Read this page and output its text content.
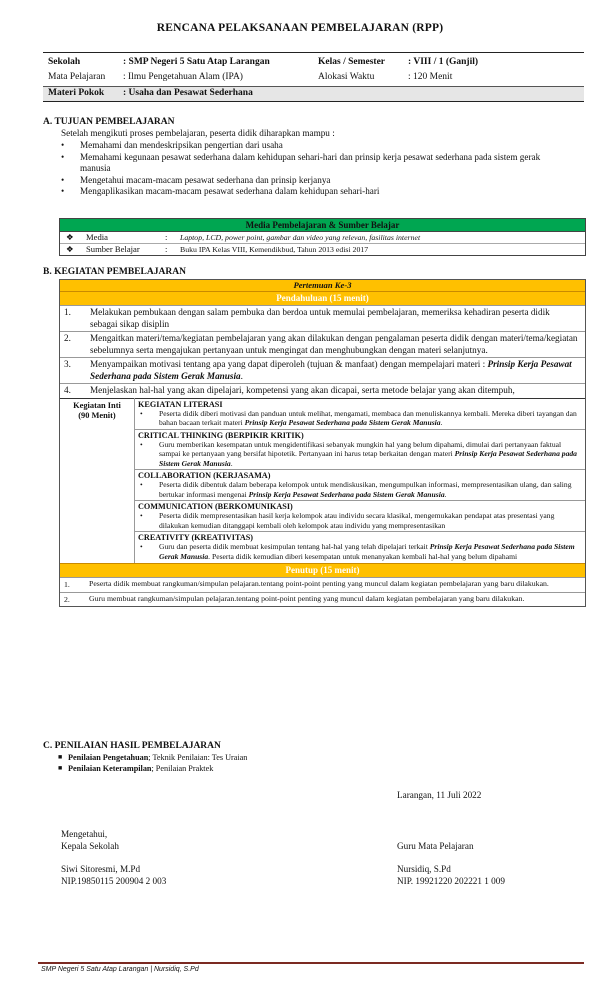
RENCANA PELAKSANAAN PEMBELAJARAN (RPP)
Sekolah	: SMP Negeri 5 Satu Atap Larangan	Kelas / Semester : VIII / 1 (Ganjil)
Mata Pelajaran : Ilmu Pengetahuan Alam (IPA)	Alokasi Waktu	: 120 Menit
Materi Pokok : Usaha dan Pesawat Sederhana
A. TUJUAN PEMBELAJARAN
Setelah mengikuti proses pembelajaran, peserta didik diharapkan mampu :
• Memahami dan mendeskripsikan pengertian dari usaha
• Memahami kegunaan pesawat sederhana dalam kehidupan sehari-hari dan prinsip kerja pesawat sederhana pada sistem gerak manusia
• Mengetahui macam-macam pesawat sederhana dan prinsip kerjanya
• Mengaplikasikan macam-macam pesawat sederhana dalam kehidupan sehari-hari
Media Pembelajaran & Sumber Belajar
❖ Media	: Laptop, LCD, power point, gambar dan video yang relevan, fasilitas internet
❖ Sumber Belajar	: Buku IPA Kelas VIII, Kemendikbud, Tahun 2013 edisi 2017
B. KEGIATAN PEMBELAJARAN
Pertemuan Ke-3
Pendahuluan (15 menit)
1.	Melakukan pembukaan dengan salam pembuka dan berdoa untuk memulai pembelajaran, memeriksa kehadiran peserta didik sebagai sikap disiplin
2.	Mengaitkan materi/tema/kegiatan pembelajaran yang akan dilakukan dengan pengalaman peserta didik dengan materi/tema/kegiatan sebelumnya serta mengajukan pertanyaan untuk mengingat dan menghubungkan dengan materi selanjutnya.
3.	Menyampaikan motivasi tentang apa yang dapat diperoleh (tujuan & manfaat) dengan mempelajari materi : Prinsip Kerja Pesawat Sederhana pada Sistem Gerak Manusia.
4.	Menjelaskan hal-hal yang akan dipelajari, kompetensi yang akan dicapai, serta metode belajar yang akan ditempuh,
Kegiatan Inti
(90 Menit)

KEGIATAN LITERASI
• Peserta didik diberi motivasi dan panduan untuk melihat, mengamati, membaca dan menuliskannya kembali. Mereka diberi tayangan dan bahan bacaan terkait materi Prinsip Kerja Pesawat Sederhana pada Sistem Gerak Manusia.
CRITICAL THINKING (BERPIKIR KRITIK)
• Guru memberikan kesempatan untuk mengidentifikasi sebanyak mungkin hal yang belum dipahami, dimulai dari pertanyaan faktual sampai ke pertanyaan yang bersifat hipotetik. Pertanyaan ini harus tetap berkaitan dengan materi Prinsip Kerja Pesawat Sederhana pada Sistem Gerak Manusia.
COLLABORATION (KERJASAMA)
• Peserta didik dibentuk dalam beberapa kelompok untuk mendiskusikan, mengumpulkan informasi, mempresentasikan ulang, dan saling bertukar informasi mengenai Prinsip Kerja Pesawat Sederhana pada Sistem Gerak Manusia.
COMMUNICATION (BERKOMUNIKASI)
• Peserta didik mempresentasikan hasil kerja kelompok atau individu secara klasikal, mengemukakan pendapat atas presentasi yang dilakukan kemudian ditanggapi kembali oleh kelompok atau individu yang mempresentasikan
CREATIVITY (KREATIVITAS)
• Guru dan peserta didik membuat kesimpulan tentang hal-hal yang telah dipelajari terkait Prinsip Kerja Pesawat Sederhana pada Sistem Gerak Manusia. Peserta didik kemudian diberi kesempatan untuk menanyakan kembali hal-hal yang belum dipahami
Penutup (15 menit)
1.	Peserta didik membuat rangkuman/simpulan pelajaran.tentang point-point penting yang muncul dalam kegiatan pembelajaran yang baru dilakukan.
2.	Guru membuat rangkuman/simpulan pelajaran.tentang point-point penting yang muncul dalam kegiatan pembelajaran yang baru dilakukan.
C. PENILAIAN HASIL PEMBELAJARAN
■ Penilaian Pengetahuan; Teknik Penilaian: Tes Uraian
■ Penilaian Keterampilan; Penilaian Praktek
Larangan, 11 Juli 2022
Mengetahui,
Kepala Sekolah	Guru Mata Pelajaran
Siwi Sitoresmi, M.Pd
NIP.19850115 200904 2 003
Nursidiq, S.Pd
NIP. 19921220 202221 1 009
SMP Negeri 5 Satu Atap Larangan | Nursidiq, S.Pd
